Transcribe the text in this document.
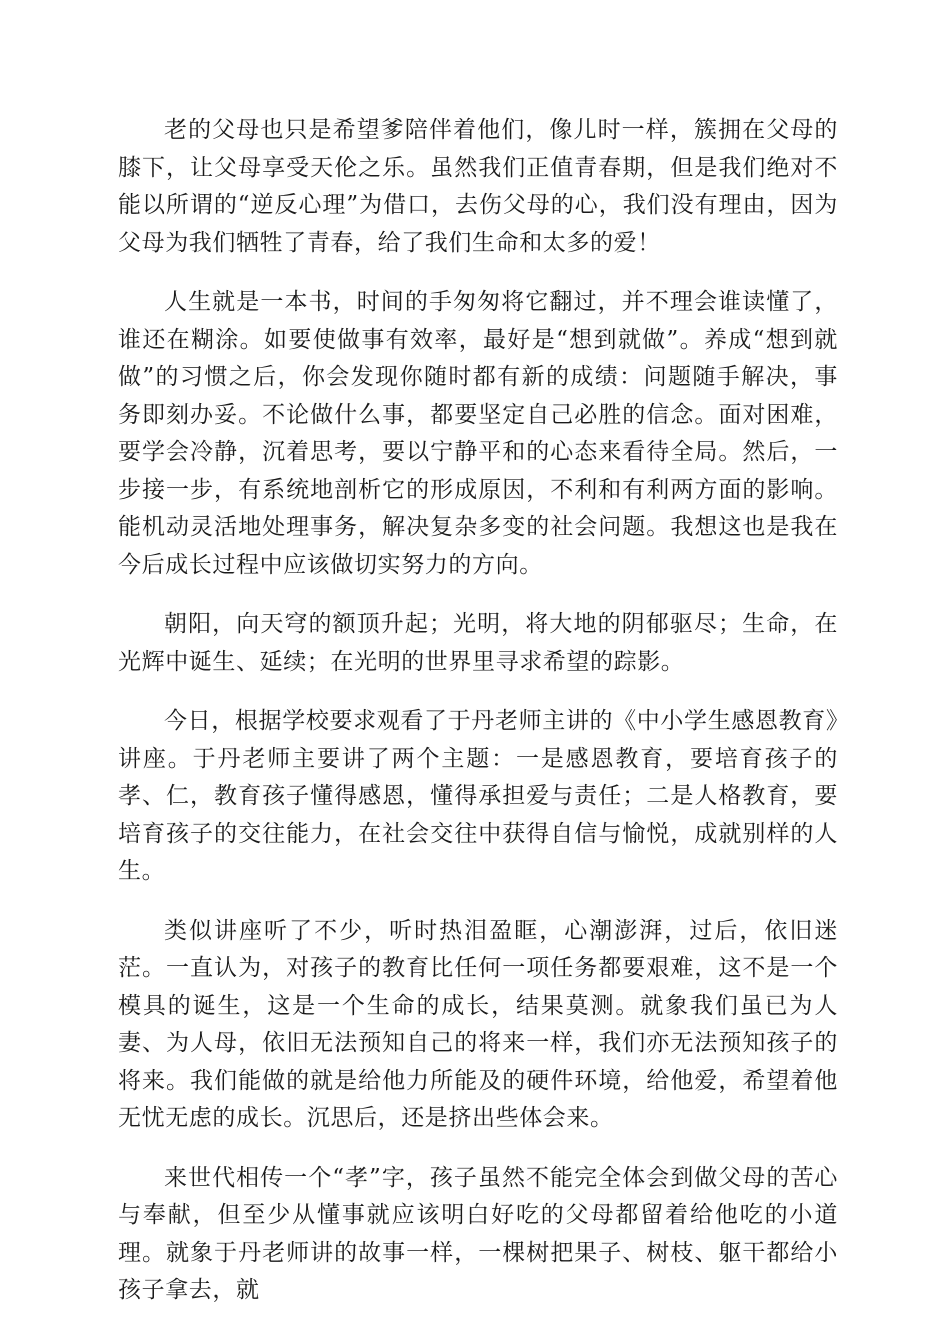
老的父母也只是希望爹陪伴着他们，像儿时一样，簇拥在父母的膝下，让父母享受天伦之乐。虽然我们正值青春期，但是我们绝对不能以所谓的“逆反心理”为借口，去伤父母的心，我们没有理由，因为父母为我们牺牲了青春，给了我们生命和太多的爱！

人生就是一本书，时间的手匆匆将它翻过，并不理会谁读懂了，谁还在糊涂。如要使做事有效率，最好是“想到就做”。养成“想到就做”的习惯之后，你会发现你随时都有新的成绩：问题随手解决，事务即刻办妥。不论做什么事，都要坚定自己必胜的信念。面对困难，要学会冷静，沉着思考，要以宁静平和的心态来看待全局。然后，一步接一步，有系统地剖析它的形成原因，不利和有利两方面的影响。能机动灵活地处理事务，解决复杂多变的社会问题。我想这也是我在今后成长过程中应该做切实努力的方向。

朝阳，向天穹的额顶升起；光明，将大地的阴郁驱尽；生命，在光辉中诞生、延续；在光明的世界里寻求希望的踪影。

今日，根据学校要求观看了于丹老师主讲的《中小学生感恩教育》讲座。于丹老师主要讲了两个主题：一是感恩教育，要培育孩子的孝、仁，教育孩子懂得感恩，懂得承担爱与责任；二是人格教育，要培育孩子的交往能力，在社会交往中获得自信与愉悦，成就别样的人生。

类似讲座听了不少，听时热泪盈眶，心潮澎湃，过后，依旧迷茫。一直认为，对孩子的教育比任何一项任务都要艰难，这不是一个模具的诞生，这是一个生命的成长，结果莫测。就象我们虽已为人妻、为人母，依旧无法预知自己的将来一样，我们亦无法预知孩子的将来。我们能做的就是给他力所能及的硬件环境，给他爱，希望着他无忧无虑的成长。沉思后，还是挤出些体会来。

来世代相传一个“孝”字，孩子虽然不能完全体会到做父母的苦心与奉献，但至少从懂事就应该明白好吃的父母都留着给他吃的小道理。就象于丹老师讲的故事一样，一棵树把果子、树枝、躯干都给小孩子拿去，就
